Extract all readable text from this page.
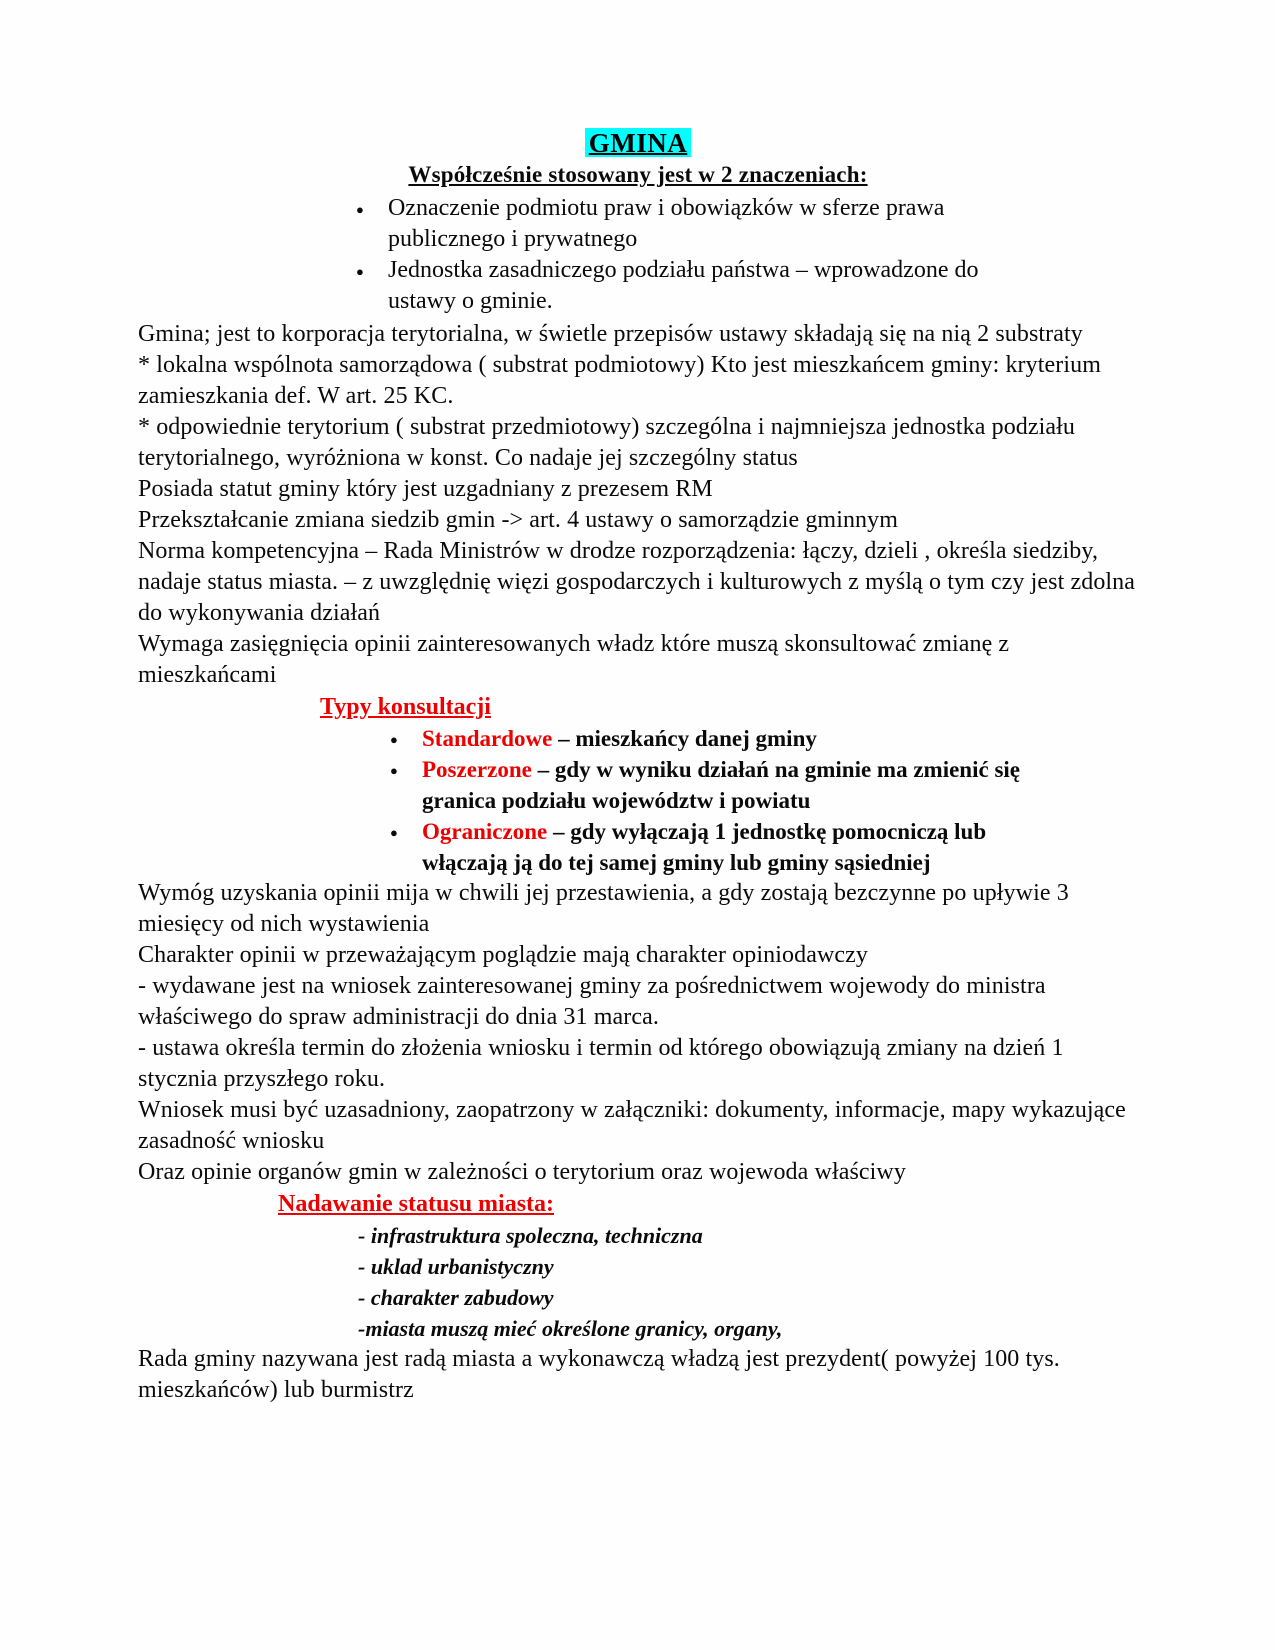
GMINA
Współcześnie stosowany jest w 2 znaczeniach:
● Oznaczenie podmiotu praw i obowiązków w sferze prawa publicznego i prywatnego
● Jednostka zasadniczego podziału państwa – wprowadzone do ustawy o gminie.

Gmina; jest to korporacja terytorialna, w świetle przepisów ustawy składają się na nią 2 substraty

* lokalna wspólnota samorządowa ( substrat podmiotowy) Kto jest mieszkańcem gminy: kryterium zamieszkania def. W art. 25 KC.

* odpowiednie terytorium ( substrat przedmiotowy) szczególna i najmniejsza jednostka podziału terytorialnego, wyróżniona w konst. Co nadaje jej szczególny status

Posiada statut gminy który jest uzgadniany z prezesem RM

Przekształcanie zmiana siedzib gmin -> art. 4 ustawy o samorządzie gminnym

Norma kompetencyjna – Rada Ministrów w drodze rozporządzenia: łączy, dzieli , określa siedziby, nadaje status miasta. – z uwzględnię więzi gospodarczych i kulturowych z myślą o tym czy jest zdolna do wykonywania działań

Wymaga zasięgnięcia opinii zainteresowanych władz które muszą skonsultować zmianę z mieszkańcami

Typy konsultacji
● Standardowe – mieszkańcy danej gminy
● Poszerzone – gdy w wyniku działań na gminie ma zmienić się granica podziału województw i powiatu
● Ograniczone – gdy wyłączają 1 jednostkę pomocniczą lub włączają ją do tej samej gminy lub gminy sąsiedniej

Wymóg uzyskania opinii mija w chwili jej przestawienia, a gdy zostają bezczynne po upływie 3 miesięcy od nich wystawienia

Charakter opinii w przeważającym poglądzie mają charakter opiniodawczy

- wydawane jest na wniosek zainteresowanej gminy za pośrednictwem wojewody do ministra właściwego do spraw administracji do dnia 31 marca.

- ustawa określa termin do złożenia wniosku i termin od którego obowiązują zmiany na dzień 1 stycznia przyszłego roku.

Wniosek musi być uzasadniony, zaopatrzony w załączniki: dokumenty, informacje, mapy wykazujące zasadność wniosku

Oraz opinie organów gmin w zależności o terytorium oraz wojewoda właściwy

Nadawanie statusu miasta:
- infrastruktura spoleczna, techniczna
- uklad urbanistyczny
- charakter zabudowy
-miasta muszą mieć określone granicy, organy,

Rada gminy nazywana jest radą miasta a wykonawczą władzą jest prezydent( powyżej 100 tys. mieszkańców) lub burmistrz
